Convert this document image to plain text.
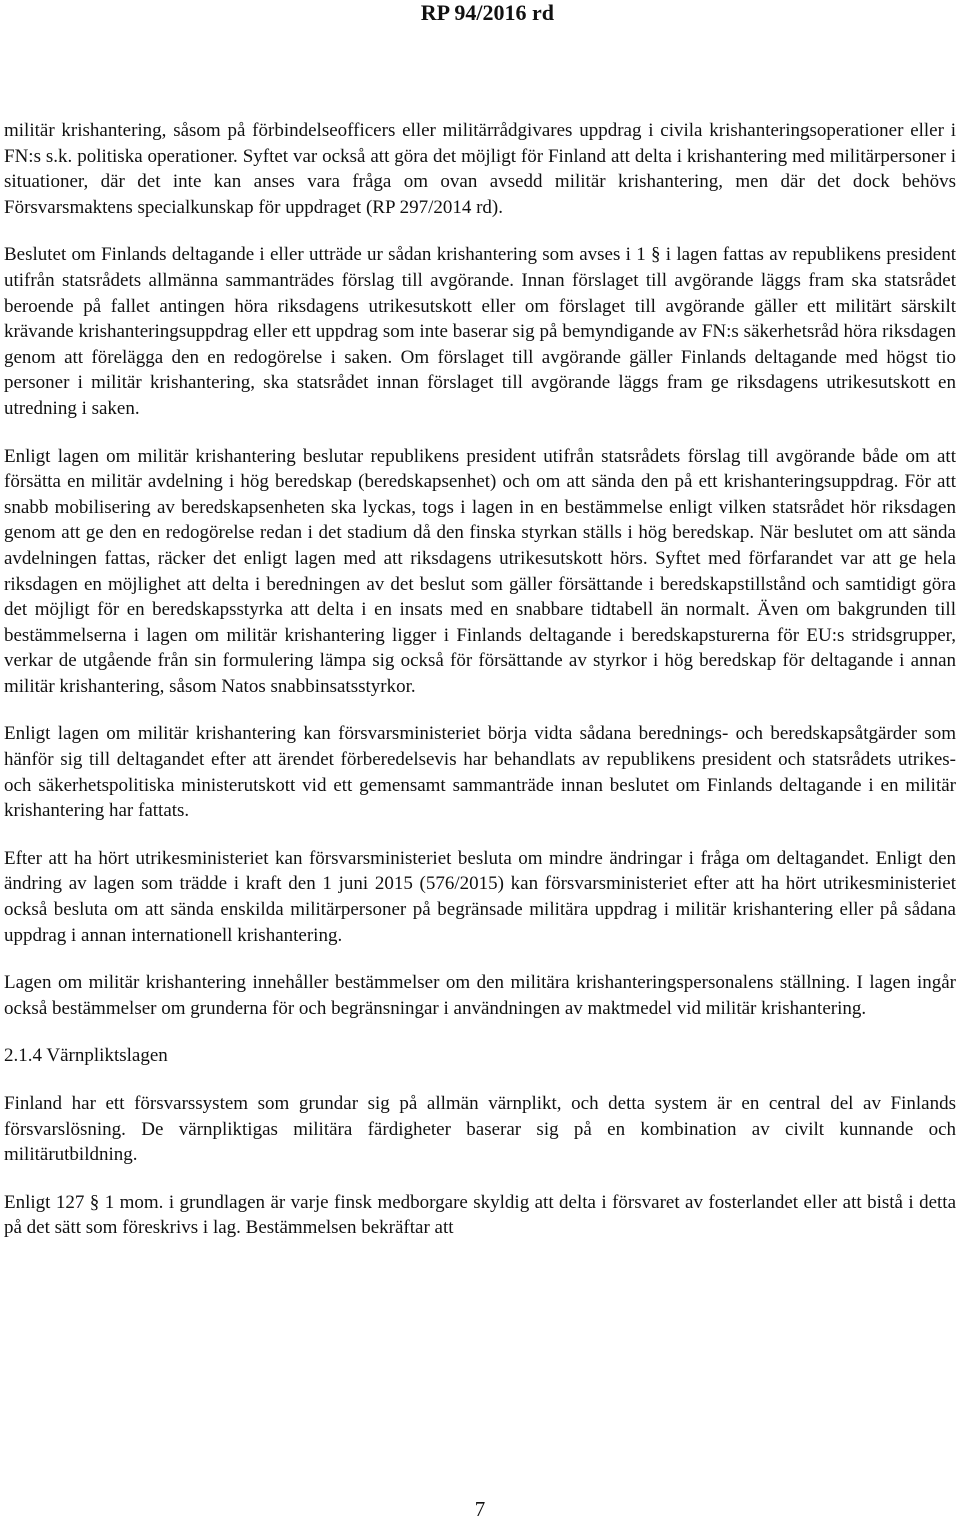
RP 94/2016 rd

militär krishantering, såsom på förbindelseofficers eller militärrådgivares uppdrag i civila krishanteringsoperationer eller i FN:s s.k. politiska operationer. Syftet var också att göra det möjligt för Finland att delta i krishantering med militärpersoner i situationer, där det inte kan anses vara fråga om ovan avsedd militär krishantering, men där det dock behövs Försvarsmaktens specialkunskap för uppdraget (RP 297/2014 rd).

Beslutet om Finlands deltagande i eller utträde ur sådan krishantering som avses i 1 § i lagen fattas av republikens president utifrån statsrådets allmänna sammanträdes förslag till avgörande. Innan förslaget till avgörande läggs fram ska statsrådet beroende på fallet antingen höra riksdagens utrikesutskott eller om förslaget till avgörande gäller ett militärt särskilt krävande krishanteringsuppdrag eller ett uppdrag som inte baserar sig på bemyndigande av FN:s säkerhetsråd höra riksdagen genom att förelägga den en redogörelse i saken. Om förslaget till avgörande gäller Finlands deltagande med högst tio personer i militär krishantering, ska statsrådet innan förslaget till avgörande läggs fram ge riksdagens utrikesutskott en utredning i saken.

Enligt lagen om militär krishantering beslutar republikens president utifrån statsrådets förslag till avgörande både om att försätta en militär avdelning i hög beredskap (beredskapsenhet) och om att sända den på ett krishanteringsuppdrag. För att snabb mobilisering av beredskapsenheten ska lyckas, togs i lagen in en bestämmelse enligt vilken statsrådet hör riksdagen genom att ge den en redogörelse redan i det stadium då den finska styrkan ställs i hög beredskap. När beslutet om att sända avdelningen fattas, räcker det enligt lagen med att riksdagens utrikesutskott hörs. Syftet med förfarandet var att ge hela riksdagen en möjlighet att delta i beredningen av det beslut som gäller försättande i beredskapstillstånd och samtidigt göra det möjligt för en beredskapsstyrka att delta i en insats med en snabbare tidtabell än normalt. Även om bakgrunden till bestämmelserna i lagen om militär krishantering ligger i Finlands deltagande i beredskapsturerna för EU:s stridsgrupper, verkar de utgående från sin formulering lämpa sig också för försättande av styrkor i hög beredskap för deltagande i annan militär krishantering, såsom Natos snabbinsatsstyrkor.

Enligt lagen om militär krishantering kan försvarsministeriet börja vidta sådana berednings- och beredskapsåtgärder som hänför sig till deltagandet efter att ärendet förberedelsevis har behandlats av republikens president och statsrådets utrikes- och säkerhetspolitiska ministerutskott vid ett gemensamt sammanträde innan beslutet om Finlands deltagande i en militär krishantering har fattats.

Efter att ha hört utrikesministeriet kan försvarsministeriet besluta om mindre ändringar i fråga om deltagandet. Enligt den ändring av lagen som trädde i kraft den 1 juni 2015 (576/2015) kan försvarsministeriet efter att ha hört utrikesministeriet också besluta om att sända enskilda militärpersoner på begränsade militära uppdrag i militär krishantering eller på sådana uppdrag i annan internationell krishantering.

Lagen om militär krishantering innehåller bestämmelser om den militära krishanteringspersonalens ställning. I lagen ingår också bestämmelser om grunderna för och begränsningar i användningen av maktmedel vid militär krishantering.

2.1.4 Värnpliktslagen

Finland har ett försvarssystem som grundar sig på allmän värnplikt, och detta system är en central del av Finlands försvarslösning. De värnpliktigas militära färdigheter baserar sig på en kombination av civilt kunnande och militärutbildning.

Enligt 127 § 1 mom. i grundlagen är varje finsk medborgare skyldig att delta i försvaret av fosterlandet eller att bistå i detta på det sätt som föreskrivs i lag. Bestämmelsen bekräftar att

7
